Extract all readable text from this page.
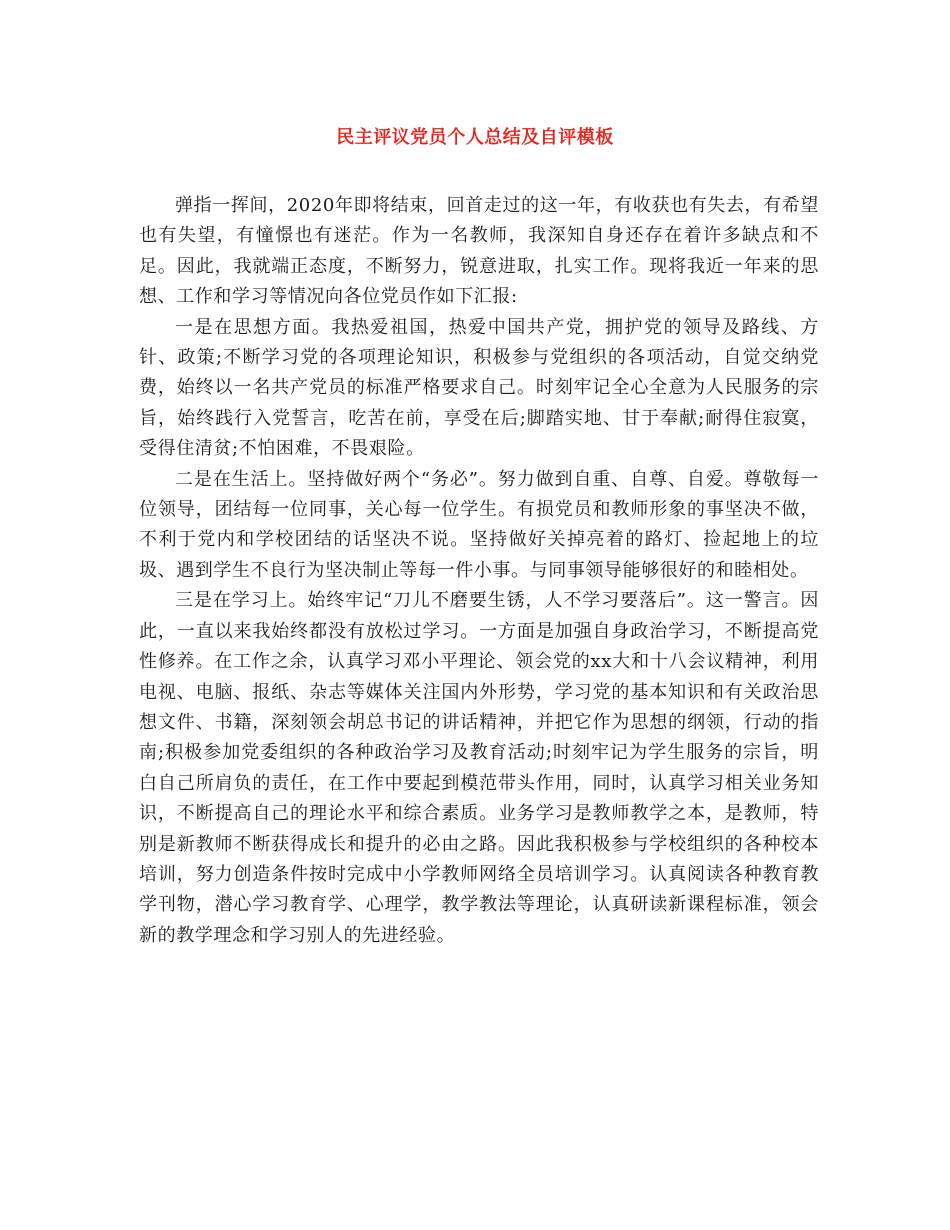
民主评议党员个人总结及自评模板

弹指一挥间，2020年即将结束，回首走过的这一年，有收获也有失去，有希望也有失望，有憧憬也有迷茫。作为一名教师，我深知自身还存在着许多缺点和不足。因此，我就端正态度，不断努力，锐意进取，扎实工作。现将我近一年来的思想、工作和学习等情况向各位党员作如下汇报:

一是在思想方面。我热爱祖国，热爱中国共产党，拥护党的领导及路线、方针、政策;不断学习党的各项理论知识，积极参与党组织的各项活动，自觉交纳党费，始终以一名共产党员的标准严格要求自己。时刻牢记全心全意为人民服务的宗旨，始终践行入党誓言，吃苦在前，享受在后;脚踏实地、甘于奉献;耐得住寂寞，受得住清贫;不怕困难，不畏艰险。

二是在生活上。坚持做好两个“务必”。努力做到自重、自尊、自爱。尊敬每一位领导，团结每一位同事，关心每一位学生。有损党员和教师形象的事坚决不做，不利于党内和学校团结的话坚决不说。坚持做好关掉亮着的路灯、捡起地上的垃圾、遇到学生不良行为坚决制止等每一件小事。与同事领导能够很好的和睦相处。

三是在学习上。始终牢记“刀儿不磨要生锈，人不学习要落后”。这一警言。因此，一直以来我始终都没有放松过学习。一方面是加强自身政治学习，不断提高党性修养。在工作之余，认真学习邓小平理论、领会党的xx大和十八会议精神，利用电视、电脑、报纸、杂志等媒体关注国内外形势，学习党的基本知识和有关政治思想文件、书籍，深刻领会胡总书记的讲话精神，并把它作为思想的纲领，行动的指南;积极参加党委组织的各种政治学习及教育活动;时刻牢记为学生服务的宗旨，明白自己所肩负的责任，在工作中要起到模范带头作用，同时，认真学习相关业务知识，不断提高自己的理论水平和综合素质。业务学习是教师教学之本，是教师，特别是新教师不断获得成长和提升的必由之路。因此我积极参与学校组织的各种校本培训，努力创造条件按时完成中小学教师网络全员培训学习。认真阅读各种教育教学刊物，潜心学习教育学、心理学，教学教法等理论，认真研读新课程标准，领会新的教学理念和学习别人的先进经验。
